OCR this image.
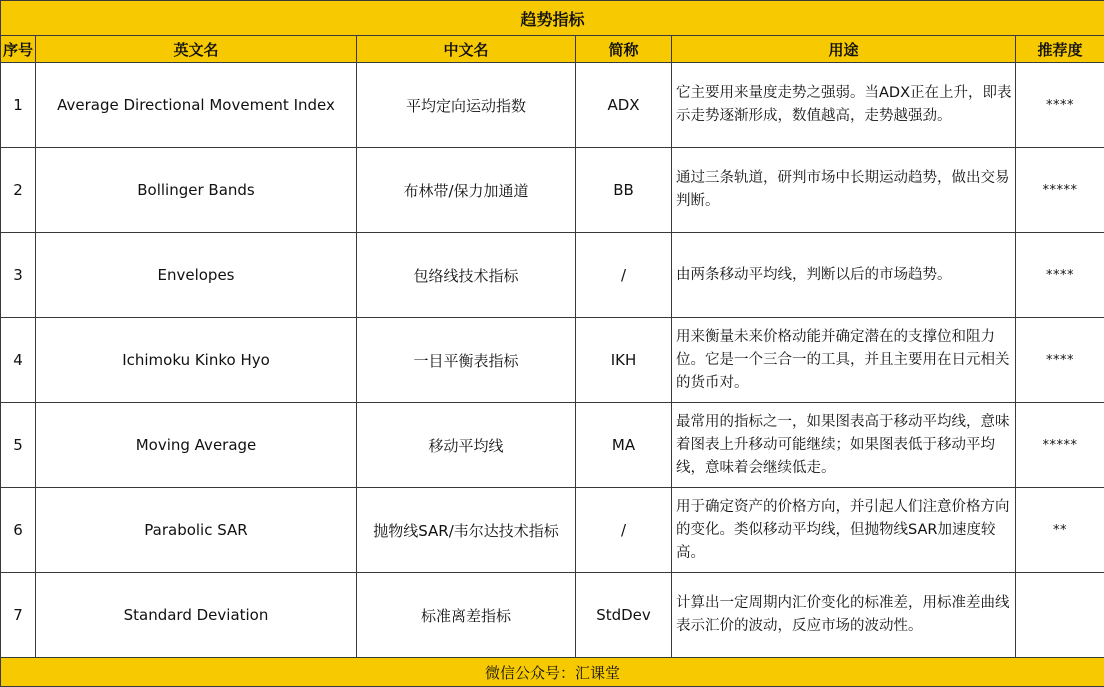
趋势指标					
序号	英文名	中文名	简称	用途	推荐度
1	Average Directional Movement Index	平均定向运动指数	ADX	它主要用来量度走势之强弱。当ADX正在上升，即表示走势逐渐形成，数值越高，走势越强劲。	****
2	Bollinger Bands	布林带/保力加通道	BB	通过三条轨道，研判市场中长期运动趋势，做出交易判断。	*****
3	Envelopes	包络线技术指标	/	由两条移动平均线，判断以后的市场趋势。	****
4	Ichimoku Kinko Hyo	一目平衡表指标	IKH	用来衡量未来价格动能并确定潜在的支撑位和阻力位。它是一个三合一的工具，并且主要用在日元相关的货币对。	****
5	Moving Average	移动平均线	MA	最常用的指标之一，如果图表高于移动平均线，意味着图表上升移动可能继续；如果图表低于移动平均线，意味着会继续低走。	*****
6	Parabolic SAR	抛物线SAR/韦尔达技术指标	/	用于确定资产的价格方向，并引起人们注意价格方向的变化。类似移动平均线，但抛物线SAR加速度较高。	**
7	Standard Deviation	标准离差指标	StdDev	计算出一定周期内汇价变化的标准差，用标准差曲线表示汇价的波动，反应市场的波动性。	
微信公众号：汇课堂					
